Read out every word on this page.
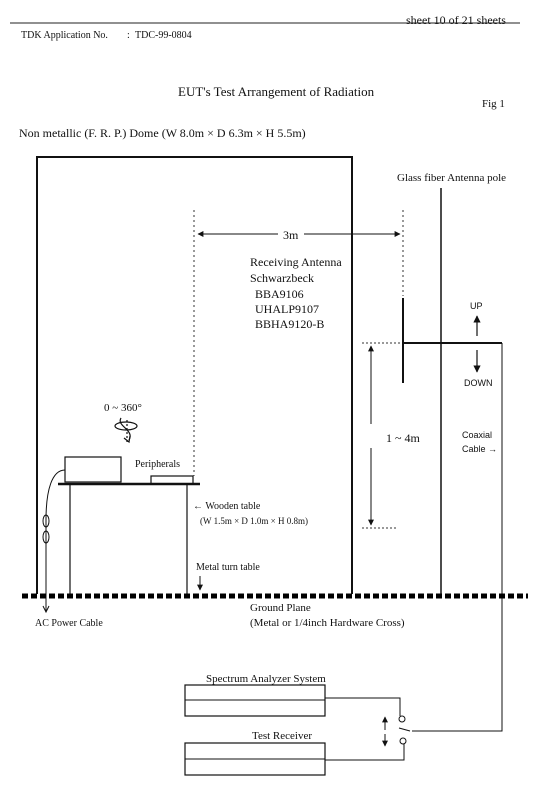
sheet 10 of 21 sheets
TDK Application No. : TDC-99-0804
EUT's Test Arrangement of Radiation
Fig 1
Non metallic (F. R. P.) Dome (W 8.0m × D 6.3m × H 5.5m)
Glass fiber Antenna pole
3m
Receiving Antenna
Schwarzbeck
BBA9106
UHALP9107
BBHA9120-B
UP
DOWN
0 ~ 360°
1 ~ 4m	Coaxial
Cable →
Peripherals
← Wooden table
(W 1.5m × D 1.0m × H 0.8m)
Metal turn table
Ground Plane
(Metal or 1/4inch Hardware Cross)
AC Power Cable
Spectrum Analyzer System
Test Receiver
